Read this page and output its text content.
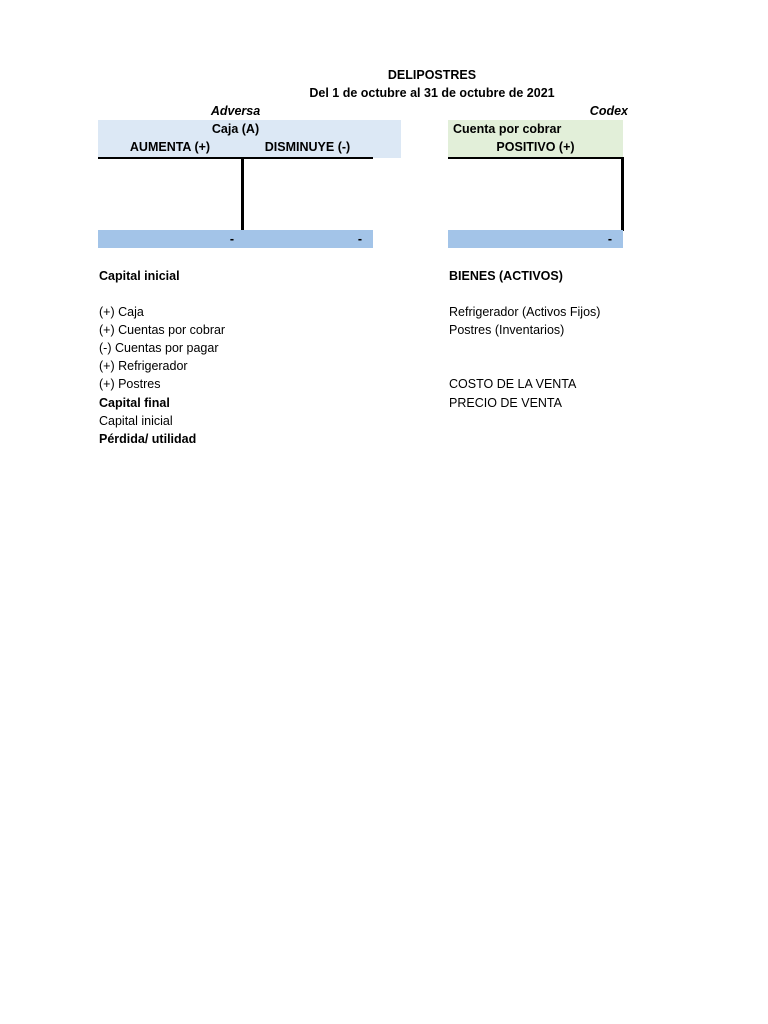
DELIPOSTRES
Del 1 de octubre al 31 de octubre de 2021
Adversa
Caja (A)
AUMENTA (+)	DISMINUYE (-)
-	-
Codex
Cuenta por cobrar
POSITIVO (+)
-
Capital inicial
(+) Caja
(+) Cuentas por cobrar
(-) Cuentas por pagar
(+) Refrigerador
(+) Postres
Capital final
Capital inicial
Pérdida/ utilidad
BIENES (ACTIVOS)
Refrigerador (Activos Fijos)
Postres (Inventarios)
COSTO DE LA VENTA
PRECIO DE VENTA
